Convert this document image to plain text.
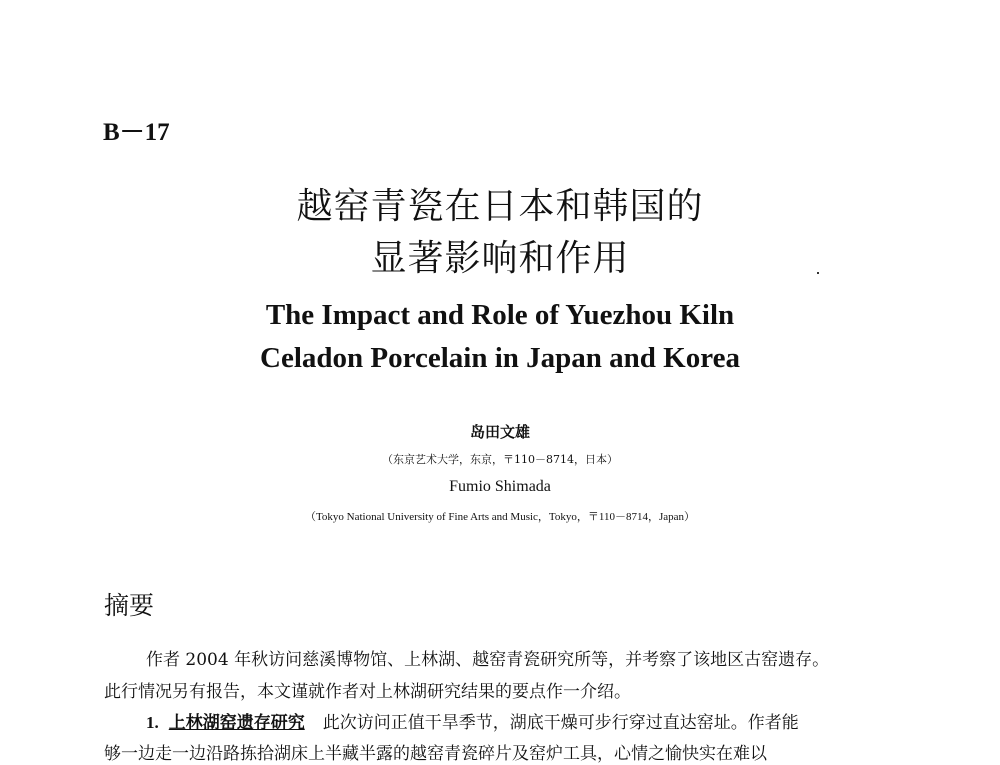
B－17
越窑青瓷在日本和韩国的
显著影响和作用
The Impact and Role of Yuezhou Kiln
Celadon Porcelain in Japan and Korea
岛田文雄
（东京艺术大学，东京，〒110－8714，日本）
Fumio Shimada
（Tokyo National University of Fine Arts and Music，Tokyo，〒110－8714，Japan）
摘要
作者 2004 年秋访问慈溪博物馆、上林湖、越窑青瓷研究所等，并考察了该地区古窑遗存。
此行情况另有报告，本文谨就作者对上林湖研究结果的要点作一介绍。
1. 上林湖窑遗存研究 此次访问正值干旱季节，湖底干燥可步行穿过直达窑址。作者能
够一边走一边沿路拣拾湖床上半藏半露的越窑青瓷碎片及窑炉工具，心情之愉快实在难以
